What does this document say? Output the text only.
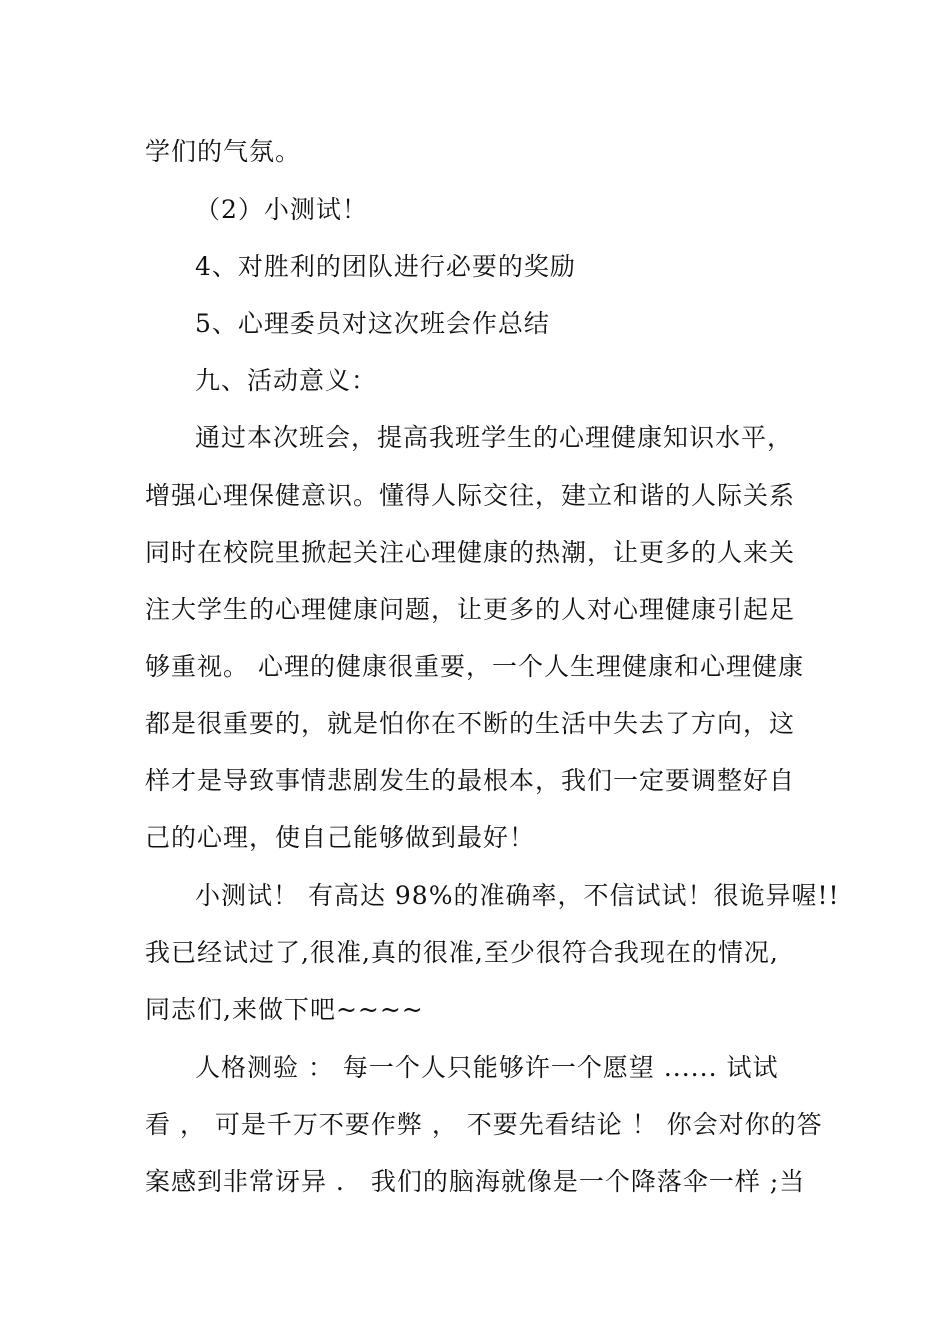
学们的气氛。
（2）小测试！
4、对胜利的团队进行必要的奖励
5、心理委员对这次班会作总结
九、活动意义：
通过本次班会，提高我班学生的心理健康知识水平，
增强心理保健意识。懂得人际交往，建立和谐的人际关系
同时在校院里掀起关注心理健康的热潮，让更多的人来关
注大学生的心理健康问题，让更多的人对心理健康引起足
够重视。 心理的健康很重要，一个人生理健康和心理健康
都是很重要的，就是怕你在不断的生活中失去了方向，这
样才是导致事情悲剧发生的最根本，我们一定要调整好自
己的心理，使自己能够做到最好！
小测试！ 有高达 98%的准确率，不信试试！很诡异喔!!
我已经试过了,很准,真的很准,至少很符合我现在的情况,
同志们,来做下吧~~~~
人格测验 ： 每一个人只能够许一个愿望 ...... 试试
看 ， 可是千万不要作弊 ， 不要先看结论 ！ 你会对你的答
案感到非常讶异 ． 我们的脑海就像是一个降落伞一样 ;当
